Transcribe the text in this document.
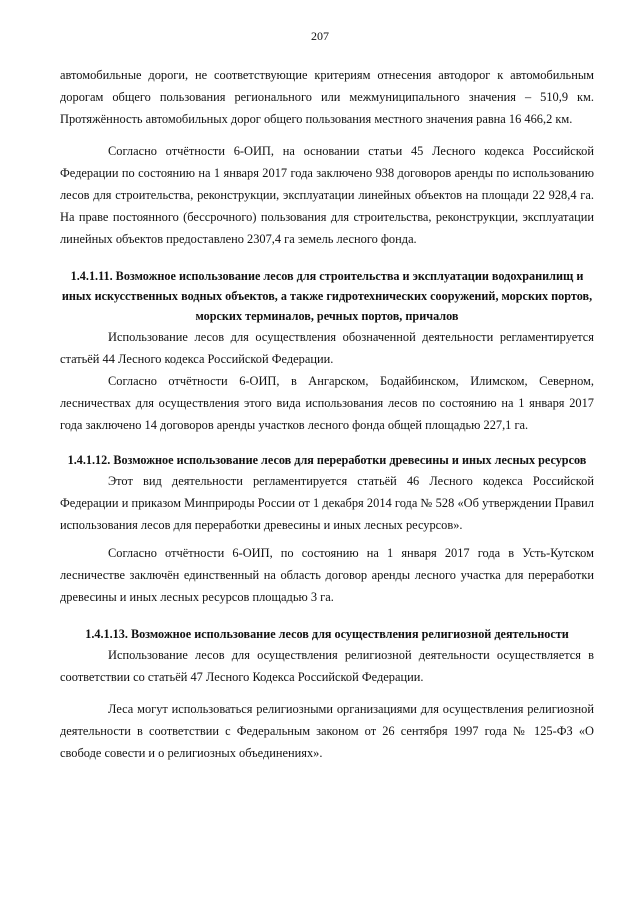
207

автомобильные дороги, не соответствующие критериям отнесения автодорог к автомобильным дорогам общего пользования регионального или межмуниципального значения – 510,9 км. Протяжённость автомобильных дорог общего пользования местного значения равна 16 466,2 км.

Согласно отчётности 6-ОИП, на основании статьи 45 Лесного кодекса Российской Федерации по состоянию на 1 января 2017 года заключено 938 договоров аренды по использованию лесов для строительства, реконструкции, эксплуатации линейных объектов на площади 22 928,4 га. На праве постоянного (бессрочного) пользования для строительства, реконструкции, эксплуатации линейных объектов предоставлено 2307,4 га земель лесного фонда.

1.4.1.11. Возможное использование лесов для строительства и эксплуатации водохранилищ и иных искусственных водных объектов, а также гидротехнических сооружений, морских портов, морских терминалов, речных портов, причалов

Использование лесов для осуществления обозначенной деятельности регламентируется статьёй 44 Лесного кодекса Российской Федерации.

Согласно отчётности 6-ОИП, в Ангарском, Бодайбинском, Илимском, Северном, лесничествах для осуществления этого вида использования лесов по состоянию на 1 января 2017 года заключено 14 договоров аренды участков лесного фонда общей площадью 227,1 га.

1.4.1.12. Возможное использование лесов для переработки древесины и иных лесных ресурсов

Этот вид деятельности регламентируется статьёй 46 Лесного кодекса Российской Федерации и приказом Минприроды России от 1 декабря 2014 года № 528 «Об утверждении Правил использования лесов для переработки древесины и иных лесных ресурсов».

Согласно отчётности 6-ОИП, по состоянию на 1 января 2017 года в Усть-Кутском лесничестве заключён единственный на область договор аренды лесного участка для переработки древесины и иных лесных ресурсов площадью 3 га.

1.4.1.13. Возможное использование лесов для осуществления религиозной деятельности

Использование лесов для осуществления религиозной деятельности осуществляется в соответствии со статьёй 47 Лесного Кодекса Российской Федерации.

Леса могут использоваться религиозными организациями для осуществления религиозной деятельности в соответствии с Федеральным законом от 26 сентября 1997 года № 125-ФЗ «О свободе совести и о религиозных объединениях».
